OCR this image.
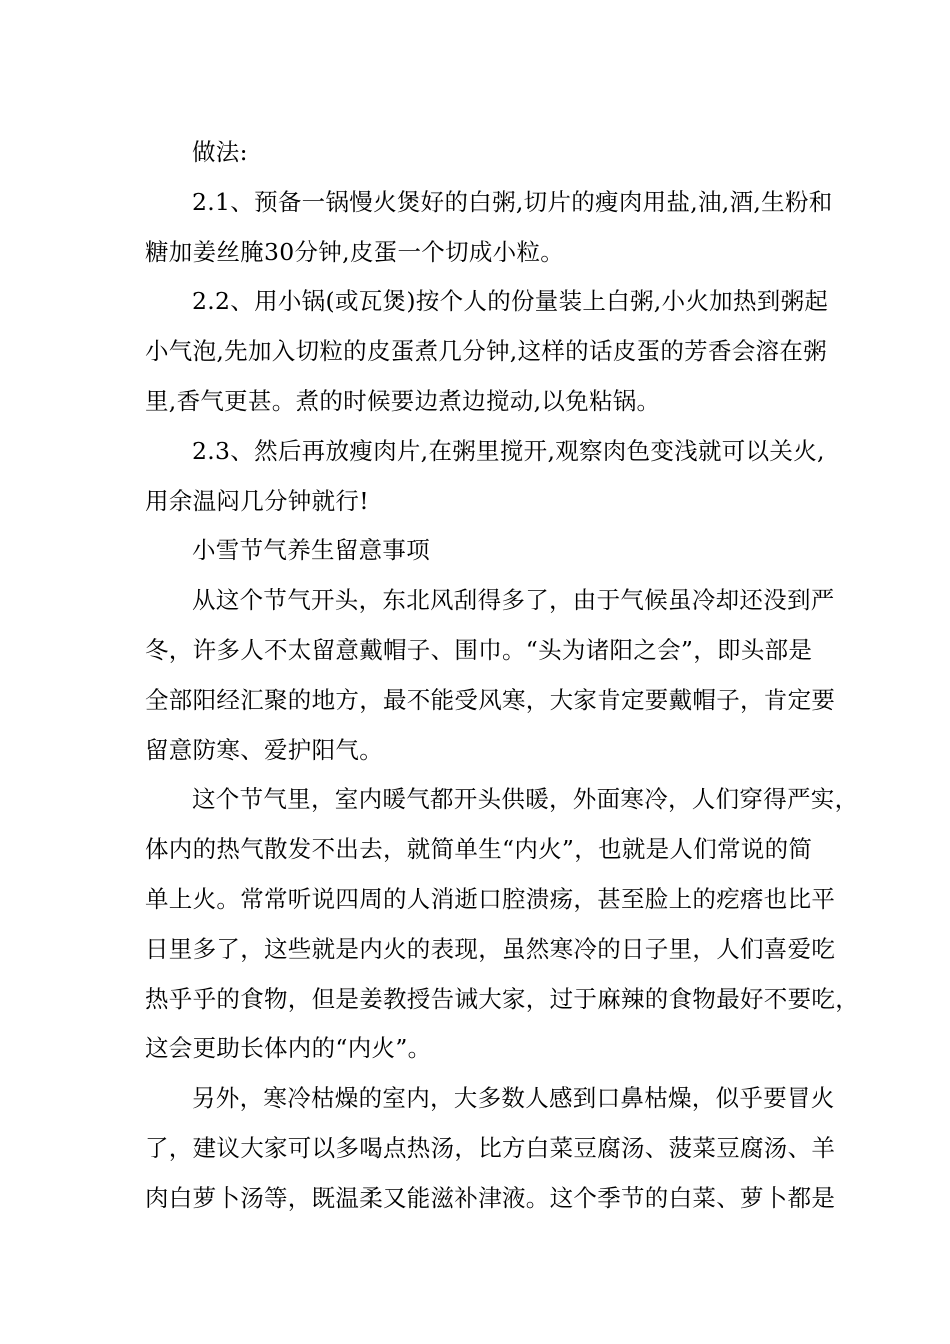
做法:
2.1、预备一锅慢火煲好的白粥,切片的瘦肉用盐,油,酒,生粉和
糖加姜丝腌30分钟,皮蛋一个切成小粒。
2.2、用小锅(或瓦煲)按个人的份量装上白粥,小火加热到粥起
小气泡,先加入切粒的皮蛋煮几分钟,这样的话皮蛋的芳香会溶在粥
里,香气更甚。煮的时候要边煮边搅动,以免粘锅。
2.3、然后再放瘦肉片,在粥里搅开,观察肉色变浅就可以关火,
用余温闷几分钟就行!
小雪节气养生留意事项
从这个节气开头，东北风刮得多了，由于气候虽冷却还没到严
冬，许多人不太留意戴帽子、围巾。“头为诸阳之会”，即头部是
全部阳经汇聚的地方，最不能受风寒，大家肯定要戴帽子，肯定要
留意防寒、爱护阳气。
这个节气里，室内暖气都开头供暖，外面寒冷，人们穿得严实，
体内的热气散发不出去，就简单生“内火”，也就是人们常说的简
单上火。常常听说四周的人消逝口腔溃疡，甚至脸上的疙瘩也比平
日里多了，这些就是内火的表现，虽然寒冷的日子里，人们喜爱吃
热乎乎的食物，但是姜教授告诫大家，过于麻辣的食物最好不要吃，
这会更助长体内的“内火”。
另外，寒冷枯燥的室内，大多数人感到口鼻枯燥，似乎要冒火
了，建议大家可以多喝点热汤，比方白菜豆腐汤、菠菜豆腐汤、羊
肉白萝卜汤等，既温柔又能滋补津液。这个季节的白菜、萝卜都是
